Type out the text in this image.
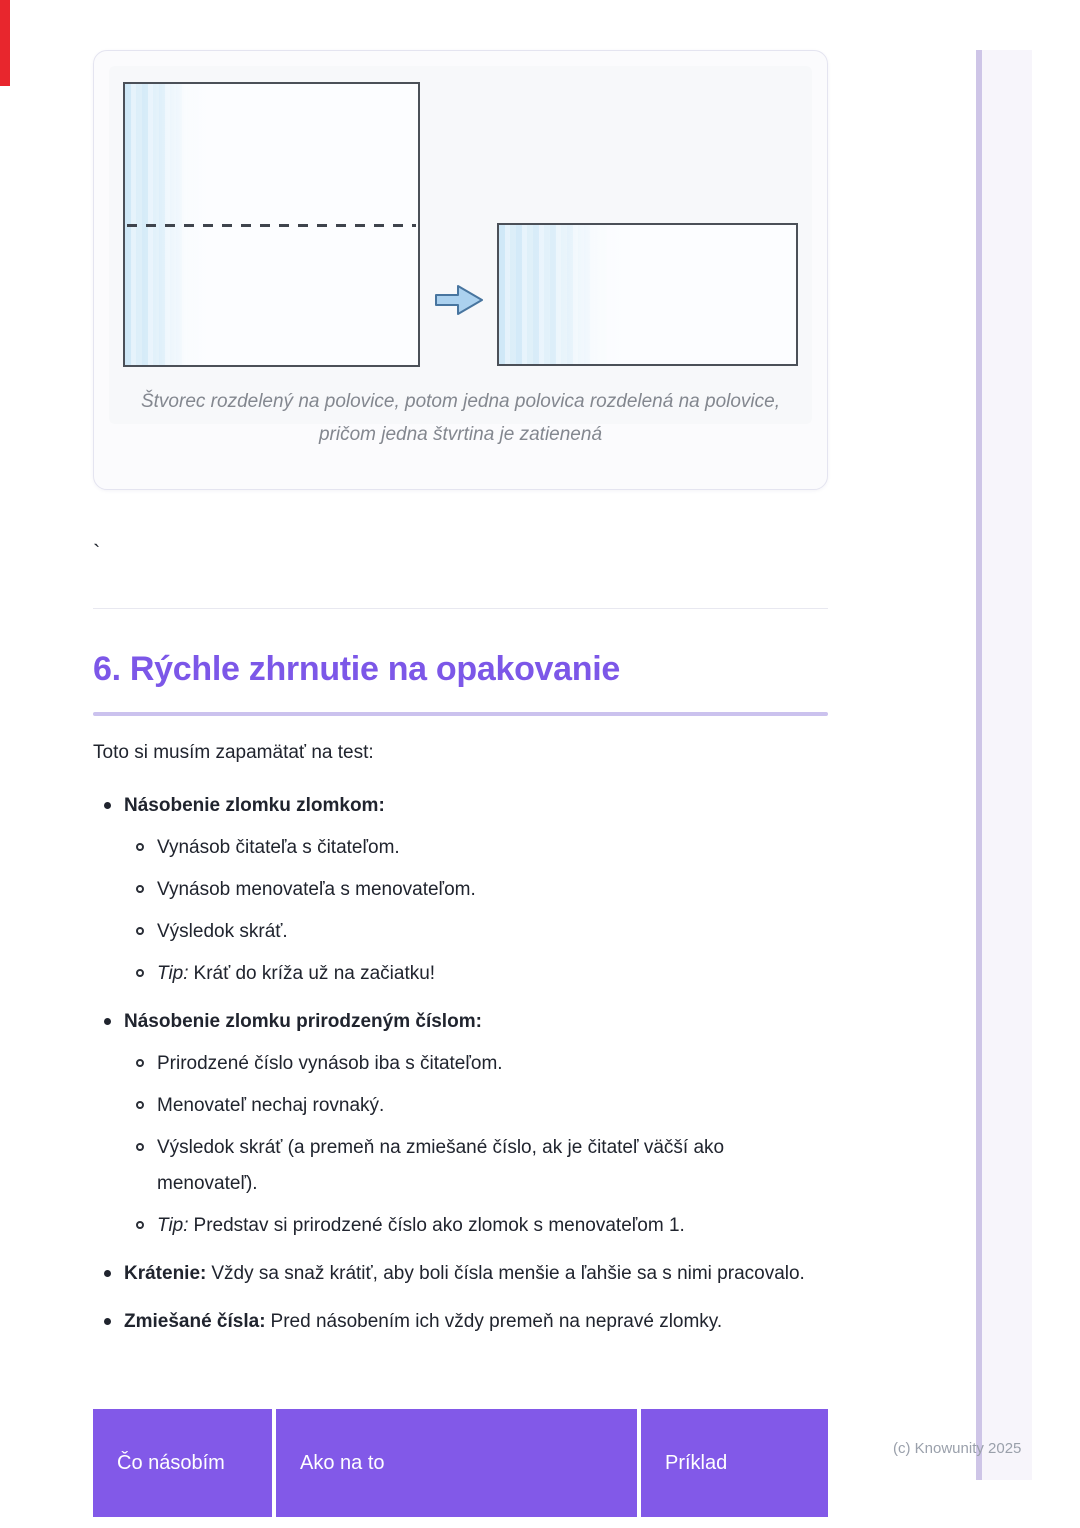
(c) Knowunity 2025
Štvorec rozdelený na polovice, potom jedna polovica rozdelená na polovice,
pričom jedna štvrtina je zatienená
`
6. Rýchle zhrnutie na opakovanie
Toto si musím zapamätať na test:
Násobenie zlomku zlomkom:
Vynásob čitateľa s čitateľom.
Vynásob menovateľa s menovateľom.
Výsledok skráť.
Tip: Kráť do kríža už na začiatku!
Násobenie zlomku prirodzeným číslom:
Prirodzené číslo vynásob iba s čitateľom.
Menovateľ nechaj rovnaký.
Výsledok skráť (a premeň na zmiešané číslo, ak je čitateľ väčší ako menovateľ).
Tip: Predstav si prirodzené číslo ako zlomok s menovateľom 1.
Krátenie: Vždy sa snaž krátiť, aby boli čísla menšie a ľahšie sa s nimi pracovalo.
Zmiešané čísla: Pred násobením ich vždy premeň na nepravé zlomky.
Čo násobím	Ako na to	Príklad
